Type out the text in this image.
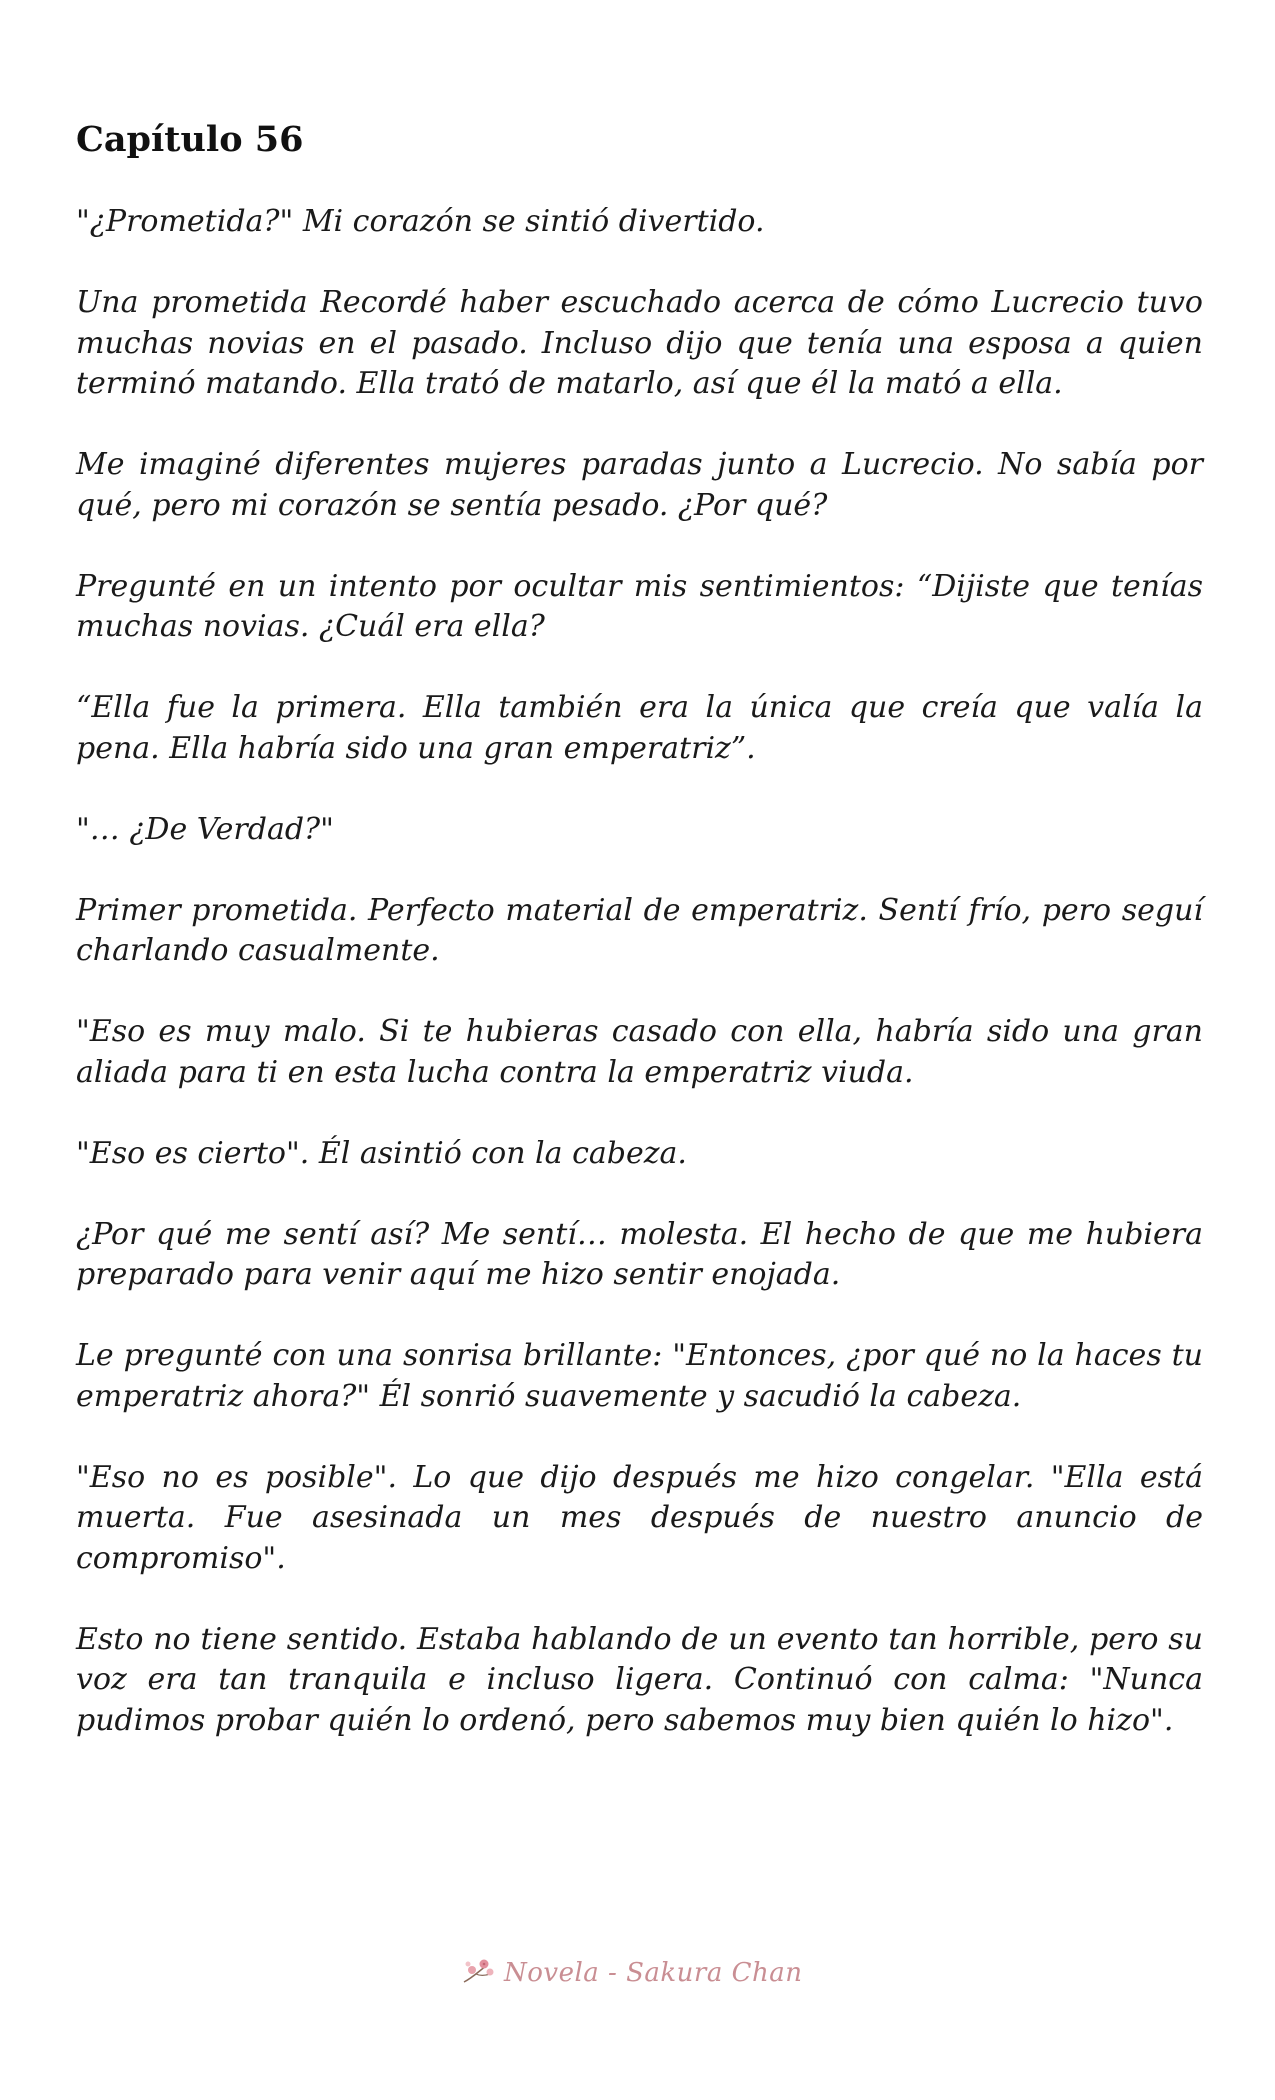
Capítulo 56

"¿Prometida?" Mi corazón se sintió divertido.

Una prometida Recordé haber escuchado acerca de cómo Lucrecio tuvo muchas novias en el pasado. Incluso dijo que tenía una esposa a quien terminó matando. Ella trató de matarlo, así que él la mató a ella.

Me imaginé diferentes mujeres paradas junto a Lucrecio. No sabía por qué, pero mi corazón se sentía pesado. ¿Por qué?

Pregunté en un intento por ocultar mis sentimientos: “Dijiste que tenías muchas novias. ¿Cuál era ella?

“Ella fue la primera. Ella también era la única que creía que valía la pena. Ella habría sido una gran emperatriz”.

"… ¿De Verdad?"

Primer prometida. Perfecto material de emperatriz. Sentí frío, pero seguí charlando casualmente.

"Eso es muy malo. Si te hubieras casado con ella, habría sido una gran aliada para ti en esta lucha contra la emperatriz viuda.

"Eso es cierto". Él asintió con la cabeza.

¿Por qué me sentí así? Me sentí… molesta. El hecho de que me hubiera preparado para venir aquí me hizo sentir enojada.

Le pregunté con una sonrisa brillante: "Entonces, ¿por qué no la haces tu emperatriz ahora?" Él sonrió suavemente y sacudió la cabeza.

"Eso no es posible". Lo que dijo después me hizo congelar. "Ella está muerta. Fue asesinada un mes después de nuestro anuncio de compromiso".

Esto no tiene sentido. Estaba hablando de un evento tan horrible, pero su voz era tan tranquila e incluso ligera. Continuó con calma: "Nunca pudimos probar quién lo ordenó, pero sabemos muy bien quién lo hizo".

Novela - Sakura Chan
